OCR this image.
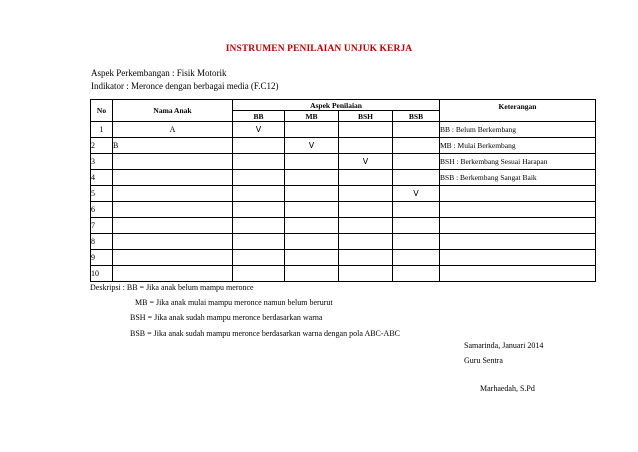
INSTRUMEN PENILAIAN UNJUK KERJA
Aspek Perkembangan : Fisik Motorik
Indikator : Meronce dengan berbagai media (F.C12)
No	Nama Anak	Aspek Penilaian				Keterangan
		BB	MB	BSH	BSB	
1	A	V				BB : Belum Berkembang
2	B		V			MB : Mulai Berkembang
3				V		BSH : Berkembang Sesuai Harapan
4						BSB : Berkembang Sangat Baik
5					V	
6						
7						
8						
9						
10						
Deskripsi : BB = Jika anak belum mampu meronce
MB = Jika anak mulai mampu meronce namun belum berurut
BSH = Jika anak sudah mampu meronce berdasarkan warna
BSB = Jika anak sudah mampu meronce berdasarkan warna dengan pola ABC-ABC
Samarinda, Januari 2014
Guru Sentra
Marhaedah, S.Pd
